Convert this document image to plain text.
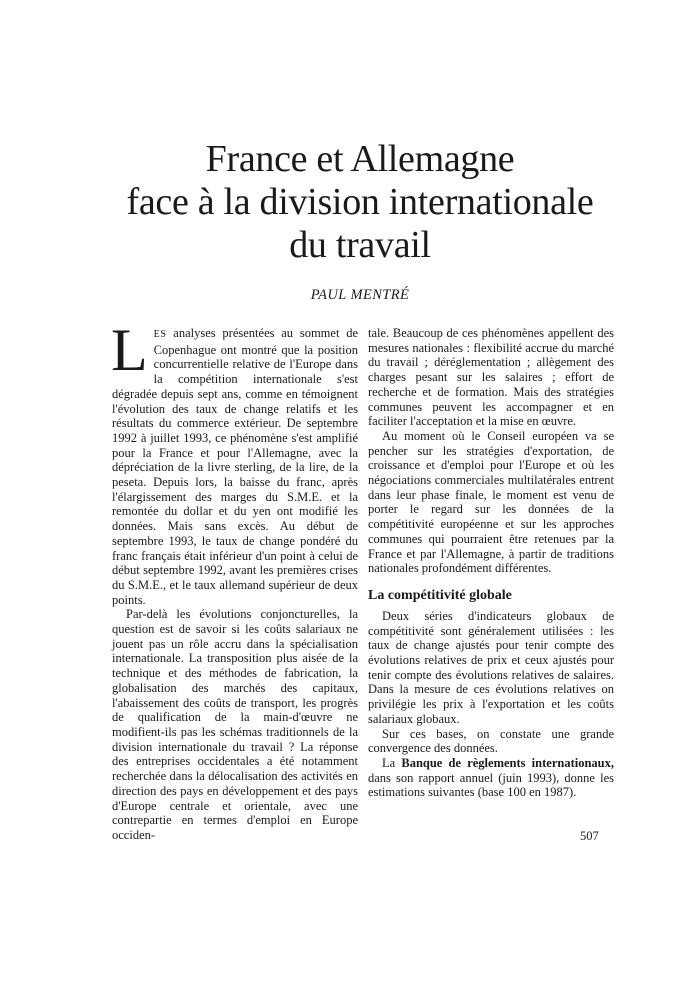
France et Allemagne
face à la division internationale
du travail
PAUL MENTRÉ

LES analyses présentées au sommet de Copenhague ont montré que la position concurrentielle relative de l'Europe dans la compétition internationale s'est dégradée depuis sept ans, comme en témoignent l'évolution des taux de change relatifs et les résultats du commerce extérieur. De septembre 1992 à juillet 1993, ce phénomène s'est amplifié pour la France et pour l'Allemagne, avec la dépréciation de la livre sterling, de la lire, de la peseta. Depuis lors, la baisse du franc, après l'élargissement des marges du S.M.E. et la remontée du dollar et du yen ont modifié les données. Mais sans excès. Au début de septembre 1993, le taux de change pondéré du franc français était inférieur d'un point à celui de début septembre 1992, avant les premières crises du S.M.E., et le taux allemand supérieur de deux points.

Par-delà les évolutions conjoncturelles, la question est de savoir si les coûts salariaux ne jouent pas un rôle accru dans la spécialisation internationale. La transposition plus aisée de la technique et des méthodes de fabrication, la globalisation des marchés des capitaux, l'abaissement des coûts de transport, les progrès de qualification de la main-d'œuvre ne modifient-ils pas les schémas traditionnels de la division internationale du travail ? La réponse des entreprises occidentales a été notamment recherchée dans la délocalisation des activités en direction des pays en développement et des pays d'Europe centrale et orientale, avec une contrepartie en termes d'emploi en Europe occiden-

tale. Beaucoup de ces phénomènes appellent des mesures nationales : flexibilité accrue du marché du travail ; déréglementation ; allègement des charges pesant sur les salaires ; effort de recherche et de formation. Mais des stratégies communes peuvent les accompagner et en faciliter l'acceptation et la mise en œuvre.

Au moment où le Conseil européen va se pencher sur les stratégies d'exportation, de croissance et d'emploi pour l'Europe et où les négociations commerciales multilatérales entrent dans leur phase finale, le moment est venu de porter le regard sur les données de la compétitivité européenne et sur les approches communes qui pourraient être retenues par la France et par l'Allemagne, à partir de traditions nationales profondément différentes.

La compétitivité globale

Deux séries d'indicateurs globaux de compétitivité sont généralement utilisées : les taux de change ajustés pour tenir compte des évolutions relatives de prix et ceux ajustés pour tenir compte des évolutions relatives de salaires. Dans la mesure de ces évolutions relatives on privilégie les prix à l'exportation et les coûts salariaux globaux.

Sur ces bases, on constate une grande convergence des données.

La Banque de règlements internationaux, dans son rapport annuel (juin 1993), donne les estimations suivantes (base 100 en 1987).

507
